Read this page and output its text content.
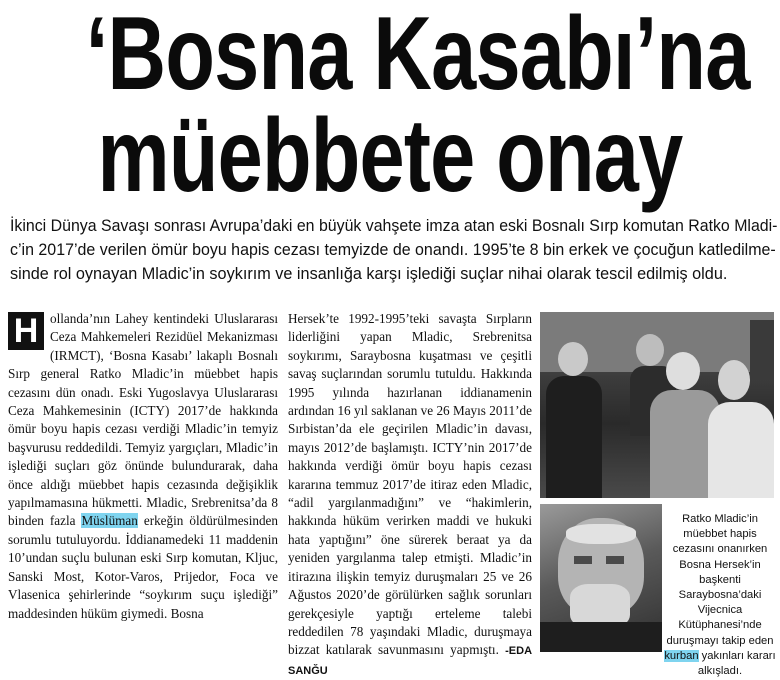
‘Bosna Kasabı’na
müebbete onay
İkinci Dünya Savaşı sonrası Avrupa’daki en büyük vahşete imza atan eski Bosnalı Sırp komutan Ratko Mladi-
c’in 2017’de verilen ömür boyu hapis cezası temyizde de onandı. 1995’te 8 bin erkek ve çocuğun katledilme-
sinde rol oynayan Mladic’in soykırım ve insanlığa karşı işlediği suçlar nihai olarak tescil edilmiş oldu.

H ollanda’nın Lahey kentindeki Uluslararası Ceza Mahkemeleri Rezidüel Mekanizması (IRMCT), ‘Bosna Kasabı’ lakaplı Bosnalı Sırp general Ratko Mladic’in müebbet hapis cezasını dün onadı. Eski Yugoslavya Uluslararası Ceza Mahkemesinin (ICTY) 2017’de hakkında ömür boyu hapis cezası verdiği Mladic’in temyiz başvurusu reddedildi. Temyiz yargıçları, Mladic’in işlediği suçları göz önünde bulundurarak, daha önce aldığı müebbet hapis cezasında değişiklik yapılmamasına hükmetti. Mladic, Srebrenitsa’da 8 binden fazla Müslüman erkeğin öldürülmesinden sorumlu tutuluyordu. İddianamedeki 11 maddenin 10’undan suçlu bulunan eski Sırp komutan, Kljuc, Sanski Most, Kotor-Varos, Prijedor, Foca ve Vlasenica şehirlerinde “soykırım suçu işlediği” maddesinden hüküm giymedi. Bosna

Hersek’te 1992-1995’teki savaşta Sırpların liderliğini yapan Mladic, Srebrenitsa soykırımı, Saraybosna kuşatması ve çeşitli savaş suçlarından sorumlu tutuldu. Hakkında 1995 yılında hazırlanan iddianamenin ardından 16 yıl saklanan ve 26 Mayıs 2011’de Sırbistan’da ele geçirilen Mladic’in davası, mayıs 2012’de başlamıştı. ICTY’nin 2017’de hakkında verdiği ömür boyu hapis cezası kararına temmuz 2017’de itiraz eden Mladic, “adil yargılanmadığını” ve “hakimlerin, hakkında hüküm verirken maddi ve hukuki hata yaptığını” öne sürerek beraat ya da yeniden yargılanma talep etmişti. Mladic’in itirazına ilişkin temyiz duruşmaları 25 ve 26 Ağustos 2020’de görülürken sağlık sorunları gerekçesiyle yaptığı erteleme talebi reddedilen 78 yaşındaki Mladic, duruşmaya bizzat katılarak savunmasını yapmıştı. -EDA SANĞU

Ratko Mladic’in müebbet hapis cezasını onanırken Bosna Hersek’in başkenti Saraybosna’daki Vijecnica Kütüphanesi’nde duruşmayı takip eden kurban yakınları kararı alkışladı.
